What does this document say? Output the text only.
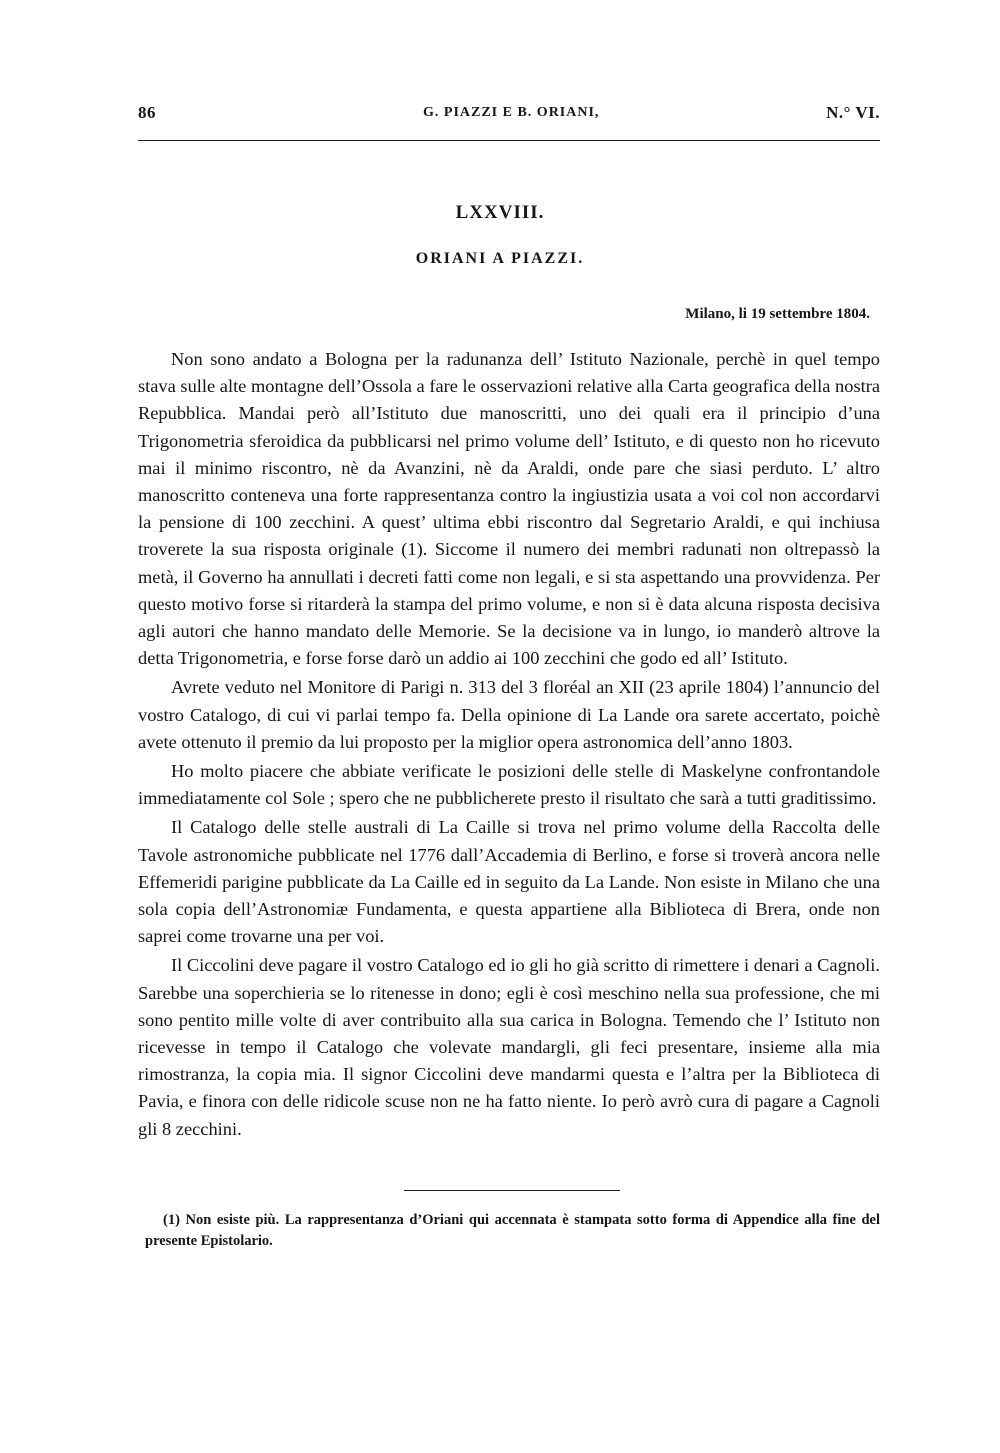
86	G. PIAZZI E B. ORIANI,	N.° VI.
LXXVIII.
ORIANI A PIAZZI.
Milano, li 19 settembre 1804.

Non sono andato a Bologna per la radunanza dell’ Istituto Nazionale, perchè in quel tempo stava sulle alte montagne dell’Ossola a fare le osservazioni relative alla Carta geografica della nostra Repubblica. Mandai però all’Istituto due manoscritti, uno dei quali era il principio d’una Trigonometria sferoidica da pubblicarsi nel primo volume dell’ Istituto, e di questo non ho ricevuto mai il minimo riscontro, nè da Avanzini, nè da Araldi, onde pare che siasi perduto. L’ altro manoscritto conteneva una forte rappresentanza contro la ingiustizia usata a voi col non accordarvi la pensione di 100 zecchini. A quest’ ultima ebbi riscontro dal Segretario Araldi, e qui inchiusa troverete la sua risposta originale (1). Siccome il numero dei membri radunati non oltrepassò la metà, il Governo ha annullati i decreti fatti come non legali, e si sta aspettando una provvidenza. Per questo motivo forse si ritarderà la stampa del primo volume, e non si è data alcuna risposta decisiva agli autori che hanno mandato delle Memorie. Se la decisione va in lungo, io manderò altrove la detta Trigonometria, e forse forse darò un addio ai 100 zecchini che godo ed all’ Istituto.

Avrete veduto nel Monitore di Parigi n. 313 del 3 floréal an XII (23 aprile 1804) l’annuncio del vostro Catalogo, di cui vi parlai tempo fa. Della opinione di La Lande ora sarete accertato, poichè avete ottenuto il premio da lui proposto per la miglior opera astronomica dell’anno 1803.

Ho molto piacere che abbiate verificate le posizioni delle stelle di Maskelyne confrontandole immediatamente col Sole ; spero che ne pubblicherete presto il risultato che sarà a tutti graditissimo.

Il Catalogo delle stelle australi di La Caille si trova nel primo volume della Raccolta delle Tavole astronomiche pubblicate nel 1776 dall’Accademia di Berlino, e forse si troverà ancora nelle Effemeridi parigine pubblicate da La Caille ed in seguito da La Lande. Non esiste in Milano che una sola copia dell’Astronomiæ Fundamenta, e questa appartiene alla Biblioteca di Brera, onde non saprei come trovarne una per voi.

Il Ciccolini deve pagare il vostro Catalogo ed io gli ho già scritto di rimettere i denari a Cagnoli. Sarebbe una soperchieria se lo ritenesse in dono; egli è così meschino nella sua professione, che mi sono pentito mille volte di aver contribuito alla sua carica in Bologna. Temendo che l’ Istituto non ricevesse in tempo il Catalogo che volevate mandargli, gli feci presentare, insieme alla mia rimostranza, la copia mia. Il signor Ciccolini deve mandarmi questa e l’altra per la Biblioteca di Pavia, e finora con delle ridicole scuse non ne ha fatto niente. Io però avrò cura di pagare a Cagnoli gli 8 zecchini.

(1) Non esiste più. La rappresentanza d’Oriani qui accennata è stampata sotto forma di Appendice alla fine del presente Epistolario.
